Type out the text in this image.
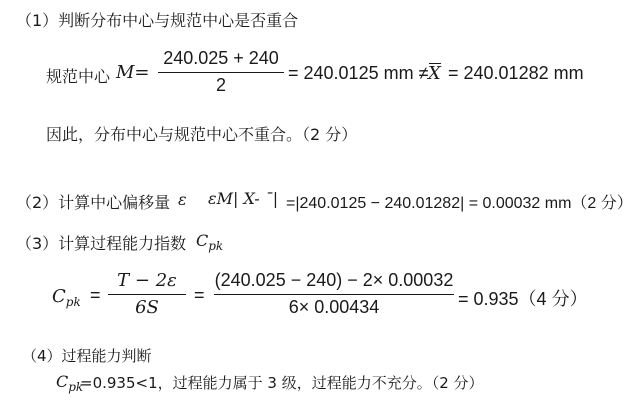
（1）判断分布中心与规范中心是否重合
规范中心 M=
240.025 + 240
2
= 240.0125 mm ≠ X = 240.01282 mm
因此，分布中心与规范中心不重合。（2 分）
（2）计算中心偏移量 ε εM| X- ¯| =|240.0125 − 240.01282| = 0.00032 mm（2 分）
（3）计算过程能力指数 $C_{pk}$
$C_{pk}$ =
T − 2ε
6S
=
(240.025 − 240) − 2× 0.00032
6× 0.00434	= 0.935（4 分）
（4）过程能力判断
$C_{pk}$
=0.935<1，过程能力属于 3 级，过程能力不充分。（2 分）
